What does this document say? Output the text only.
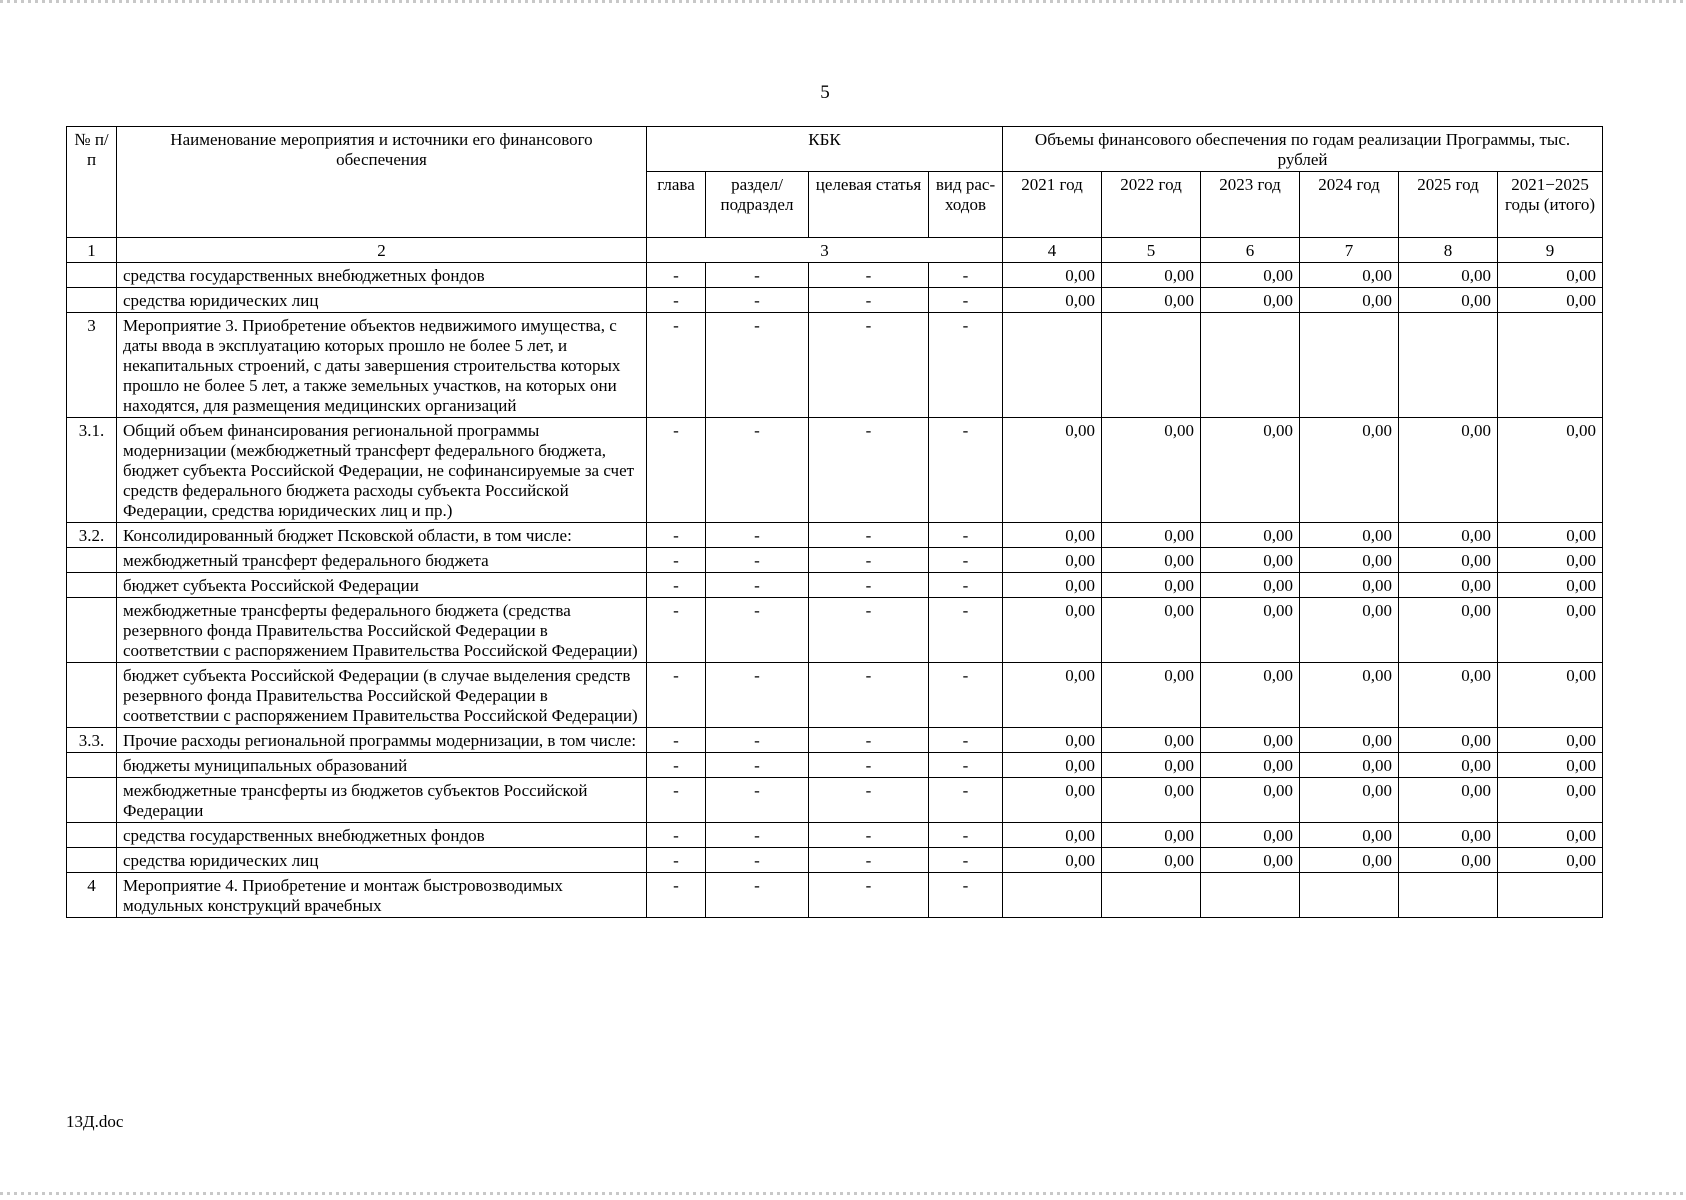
5
№ п/п	Наименование мероприятия и источники его финансового обеспечения	КБК				Объемы финансового обеспечения по годам реализации Программы, тыс. рублей					
		глава	раздел/ подраздел	целевая статья	вид рас-ходов	2021 год	2022 год	2023 год	2024 год	2025 год	2021−2025 годы (итого)
1	2	3				4	5	6	7	8	9
	средства государственных внебюджетных фондов	-	-	-	-	0,00	0,00	0,00	0,00	0,00	0,00
	средства юридических лиц	-	-	-	-	0,00	0,00	0,00	0,00	0,00	0,00
3	Мероприятие 3. Приобретение объектов недвижимого имущества, с даты ввода в эксплуатацию которых прошло не более 5 лет, и некапитальных строений, с даты завершения строительства которых прошло не более 5 лет, а также земельных участков, на которых они находятся, для размещения медицинских организаций	-	-	-	-						
3.1.	Общий объем финансирования региональной программы модернизации (межбюджетный трансферт федерального бюджета, бюджет субъекта Российской Федерации, не софинансируемые за счет средств федерального бюджета расходы субъекта Российской Федерации, средства юридических лиц и пр.)	-	-	-	-	0,00	0,00	0,00	0,00	0,00	0,00
3.2.	Консолидированный бюджет Псковской области, в том числе:	-	-	-	-	0,00	0,00	0,00	0,00	0,00	0,00
	межбюджетный трансферт федерального бюджета	-	-	-	-	0,00	0,00	0,00	0,00	0,00	0,00
	бюджет субъекта Российской Федерации	-	-	-	-	0,00	0,00	0,00	0,00	0,00	0,00
	межбюджетные трансферты федерального бюджета (средства резервного фонда Правительства Российской Федерации в соответствии с распоряжением Правительства Российской Федерации)	-	-	-	-	0,00	0,00	0,00	0,00	0,00	0,00
	бюджет субъекта Российской Федерации (в случае выделения средств резервного фонда Правительства Российской Федерации в соответствии с распоряжением Правительства Российской Федерации)	-	-	-	-	0,00	0,00	0,00	0,00	0,00	0,00
3.3.	Прочие расходы региональной программы модернизации, в том числе:	-	-	-	-	0,00	0,00	0,00	0,00	0,00	0,00
	бюджеты муниципальных образований	-	-	-	-	0,00	0,00	0,00	0,00	0,00	0,00
	межбюджетные трансферты из бюджетов субъектов Российской Федерации	-	-	-	-	0,00	0,00	0,00	0,00	0,00	0,00
	средства государственных внебюджетных фондов	-	-	-	-	0,00	0,00	0,00	0,00	0,00	0,00
	средства юридических лиц	-	-	-	-	0,00	0,00	0,00	0,00	0,00	0,00
4	Мероприятие 4. Приобретение и монтаж быстровозводимых модульных конструкций врачебных	-	-	-	-						
13Д.doc
